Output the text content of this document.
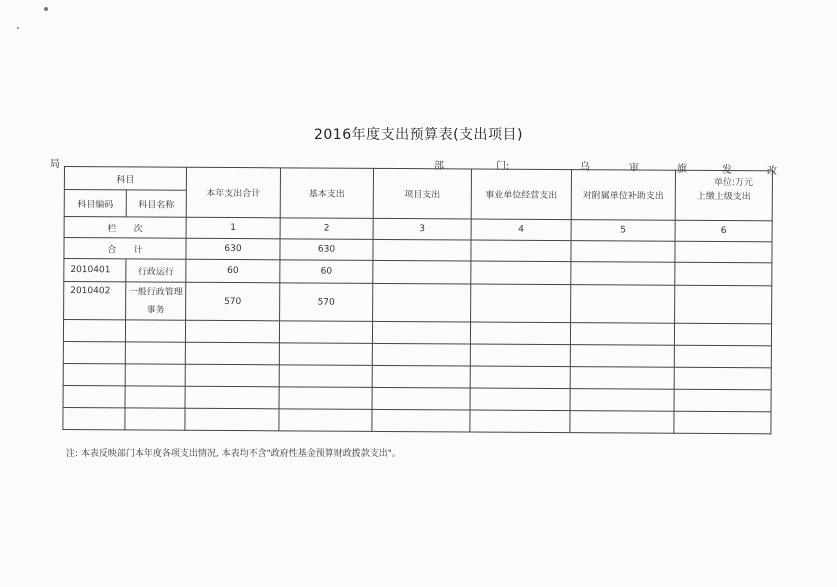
2016年度支出预算表(支出项目)
局	部	门:	乌	审	旗	发	改
单位:万元
科目		本年支出合计	基本支出	项目支出	事业单位经营支出	对附属单位补助支出	上缴上级支出
科目编码	科目名称						
栏 次		1	2	3	4	5	6
合 计		630	630				
2010401	行政运行	60	60				
2010402	一般行政管理事务	570	570				

注: 本表反映部门本年度各项支出情况, 本表均不含"政府性基金预算财政拨款支出"。
